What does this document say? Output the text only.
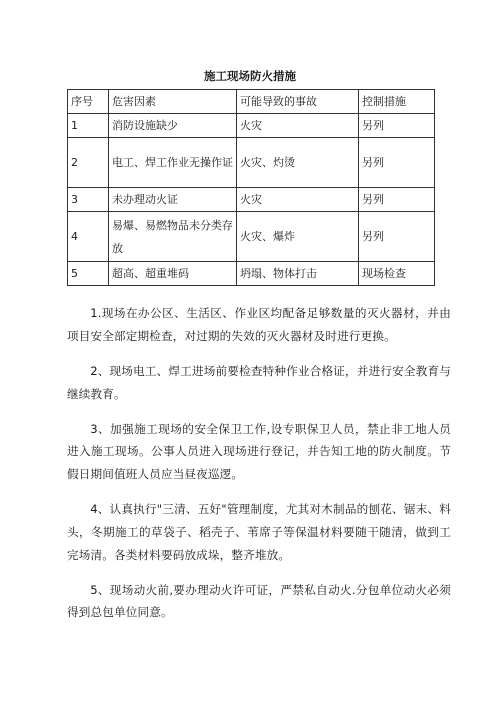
施工现场防火措施
序号	危害因素	可能导致的事故	控制措施
1	消防设施缺少	火灾	另列
2	电工、焊工作业无操作证	火灾、灼烫	另列
3	未办理动火证	火灾	另列
4	易爆、易燃物品未分类存放	火灾、爆炸	另列
5	超高、超重堆码	坍塌、物体打击	现场检查

1.现场在办公区、生活区、作业区均配备足够数量的灭火器材，并由项目安全部定期检查，对过期的失效的灭火器材及时进行更换。

2、现场电工、焊工进场前要检查特种作业合格证，并进行安全教育与继续教育。

3、加强施工现场的安全保卫工作,设专职保卫人员，禁止非工地人员进入施工现场。公事人员进入现场进行登记，并告知工地的防火制度。节假日期间值班人员应当昼夜巡逻。

4、认真执行"三清、五好"管理制度，尤其对木制品的刨花、锯末、料头，冬期施工的草袋子、稻壳子、苇席子等保温材料要随干随清，做到工完场清。各类材料要码放成垛，整齐堆放。

5、现场动火前,要办理动火许可证，严禁私自动火.分包单位动火必须得到总包单位同意。
